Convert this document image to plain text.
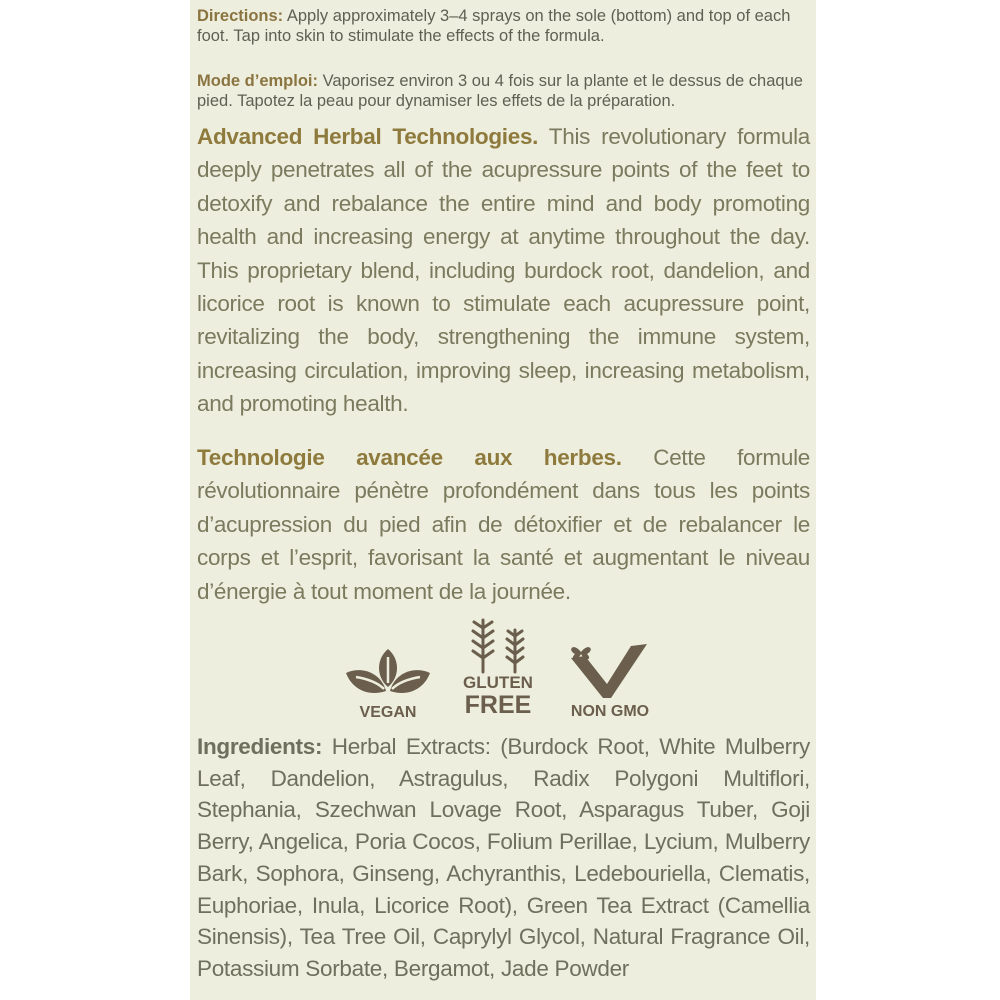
Directions: Apply approximately 3–4 sprays on the sole (bottom) and top of each foot. Tap into skin to stimulate the effects of the formula.
Mode d’emploi: Vaporisez environ 3 ou 4 fois sur la plante et le dessus de chaque pied. Tapotez la peau pour dynamiser les effets de la préparation.
Advanced Herbal Technologies. This revolutionary formula deeply penetrates all of the acupressure points of the feet to detoxify and rebalance the entire mind and body promoting health and increasing energy at anytime throughout the day. This proprietary blend, including burdock root, dandelion, and licorice root is known to stimulate each acupressure point, revitalizing the body, strengthening the immune system, increasing circulation, improving sleep, increasing metabolism, and promoting health.
Technologie avancée aux herbes. Cette formule révolutionnaire pénètre profondément dans tous les points d’acupression du pied afin de détoxifier et de rebalancer le corps et l’esprit, favorisant la santé et augmentant le niveau d’énergie à tout moment de la journée.
VEGAN
GLUTEN
FREE	NON GMO
Ingredients: Herbal Extracts: (Burdock Root, White Mulberry Leaf, Dandelion, Astragulus, Radix Polygoni Multiflori, Stephania, Szechwan Lovage Root, Asparagus Tuber, Goji Berry, Angelica, Poria Cocos, Folium Perillae, Lycium, Mulberry Bark, Sophora, Ginseng, Achyranthis, Ledebouriella, Clematis, Euphoriae, Inula, Licorice Root), Green Tea Extract (Camellia Sinensis), Tea Tree Oil, Caprylyl Glycol, Natural Fragrance Oil, Potassium Sorbate, Bergamot, Jade Powder
